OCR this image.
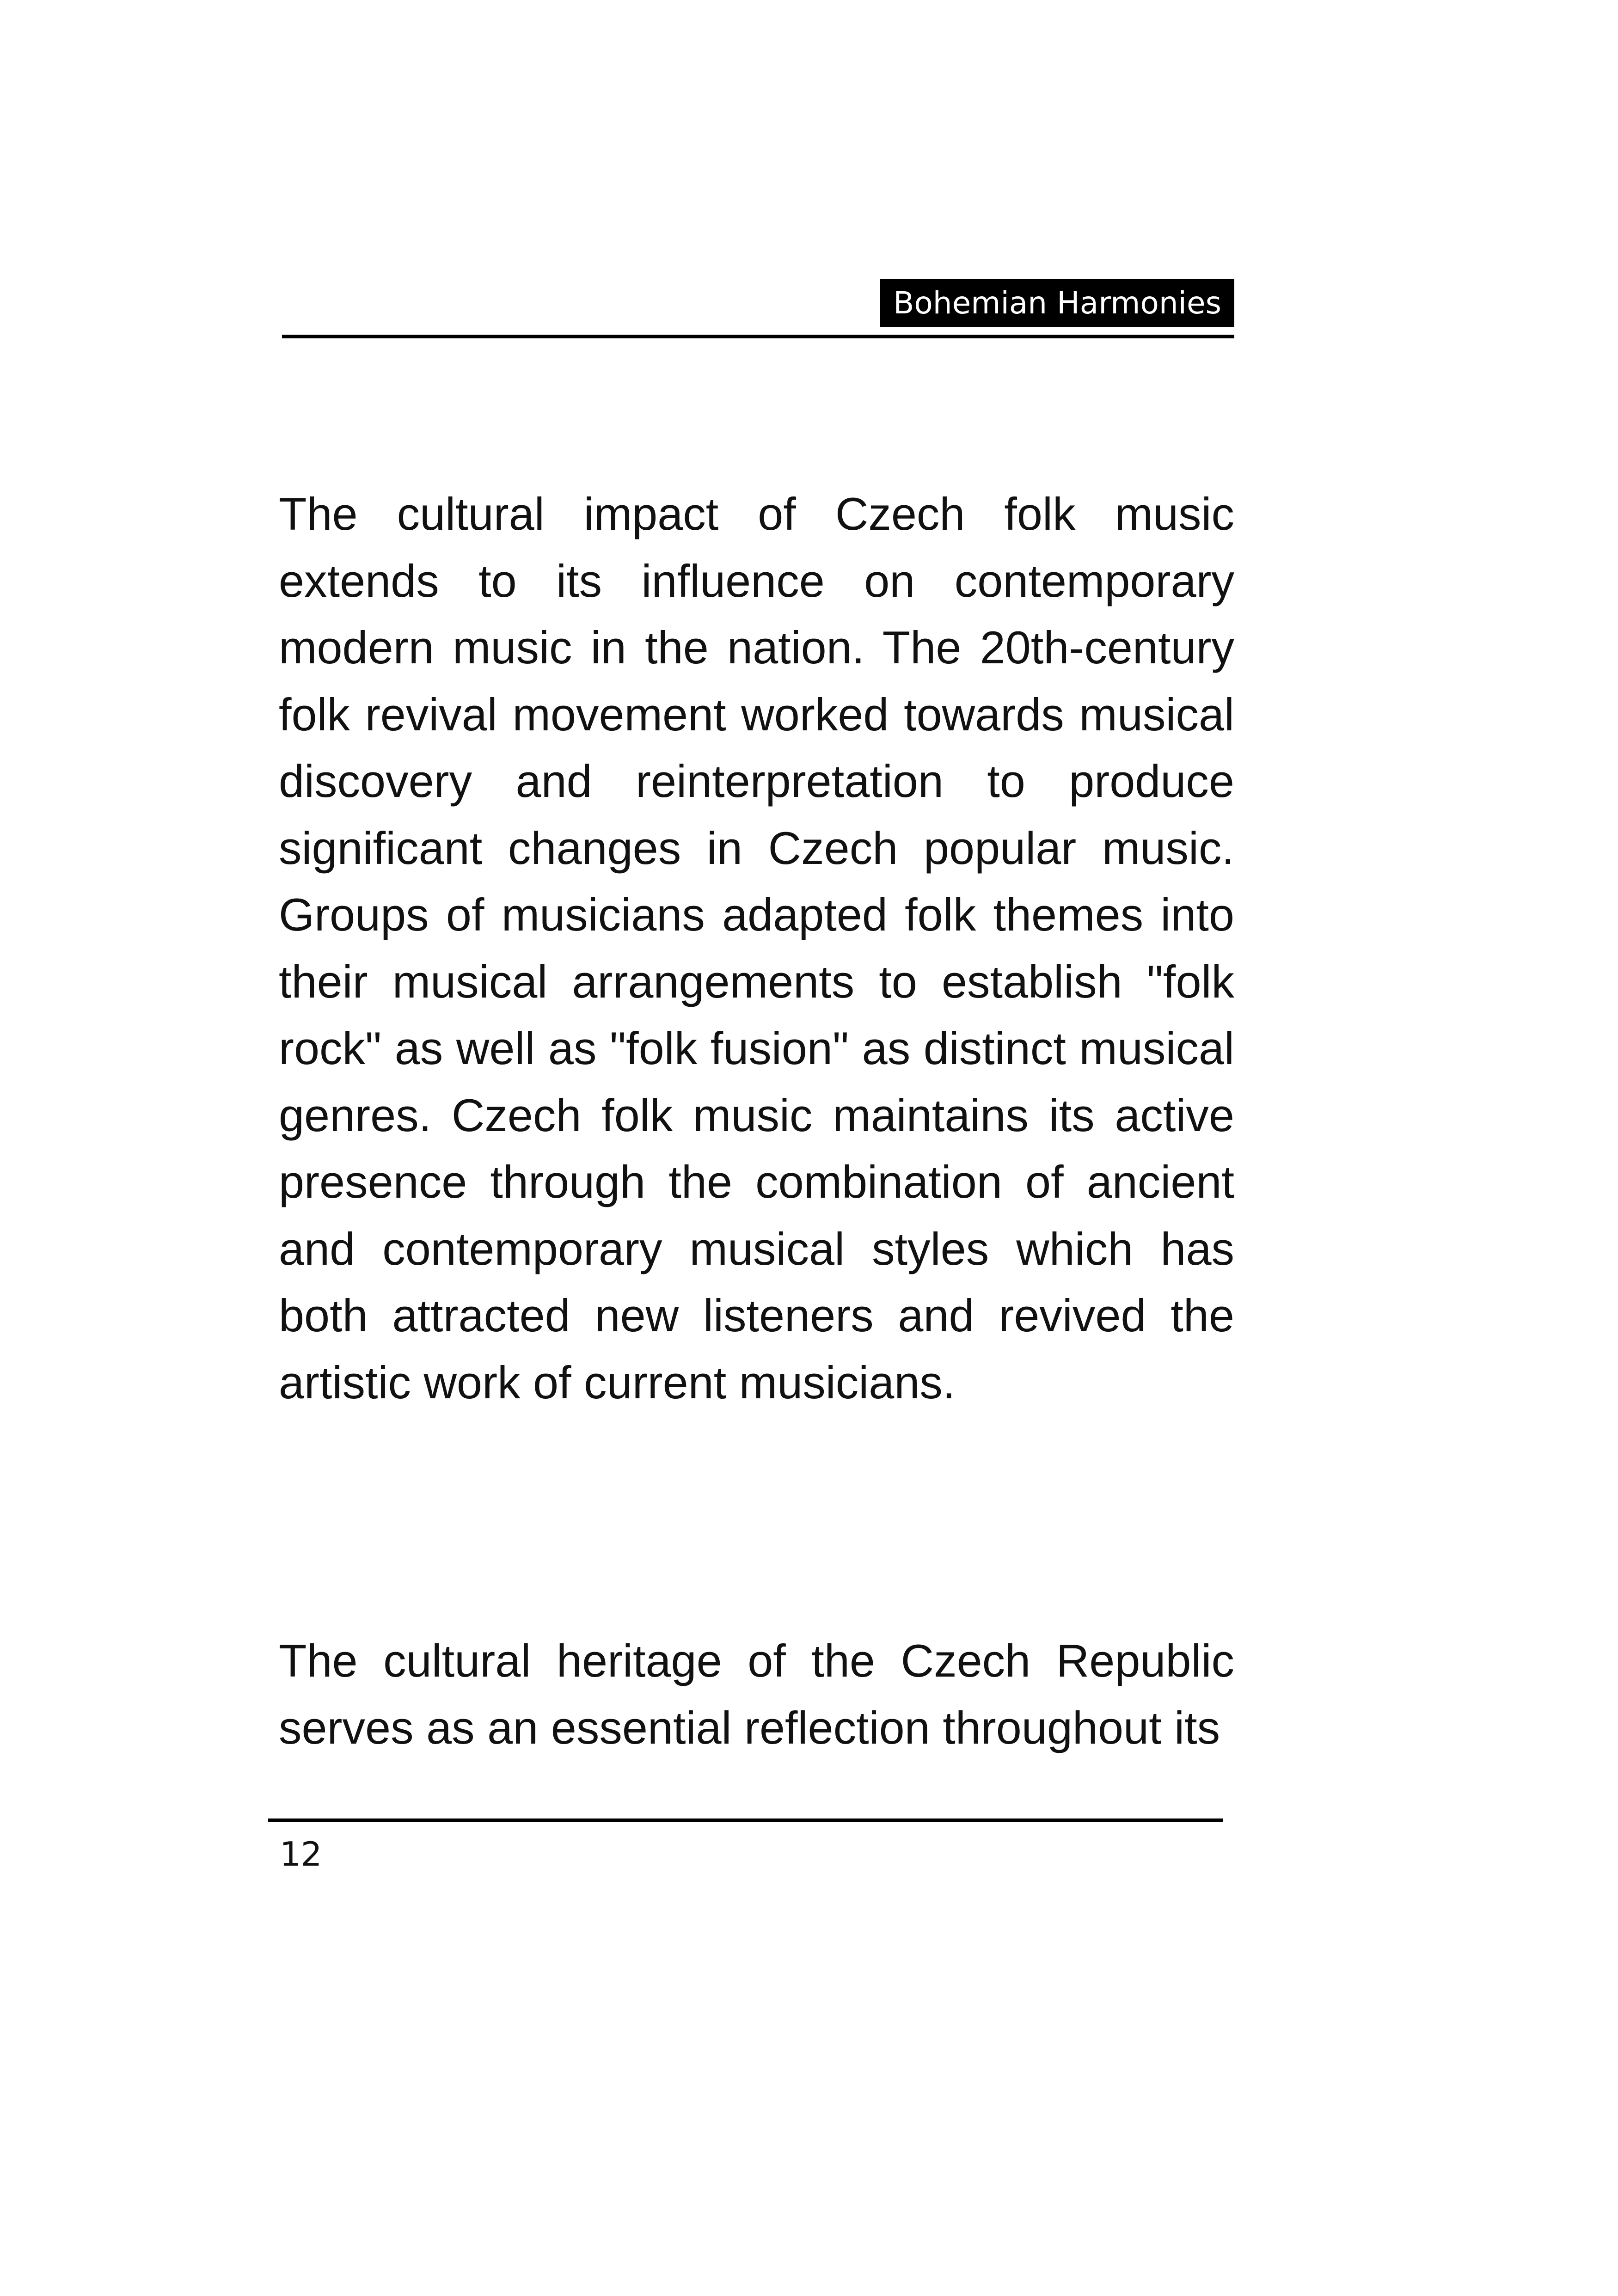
Bohemian Harmonies

The cultural impact of Czech folk music extends to its influence on contemporary modern music in the nation. The 20th-century folk revival movement worked towards musical discovery and reinterpretation to produce significant changes in Czech popular music. Groups of musicians adapted folk themes into their musical arrangements to establish "folk rock" as well as "folk fusion" as distinct musical genres. Czech folk music maintains its active presence through the combination of ancient and contemporary musical styles which has both attracted new listeners and revived the artistic work of current musicians.

The cultural heritage of the Czech Republic serves as an essential reflection throughout its

12
